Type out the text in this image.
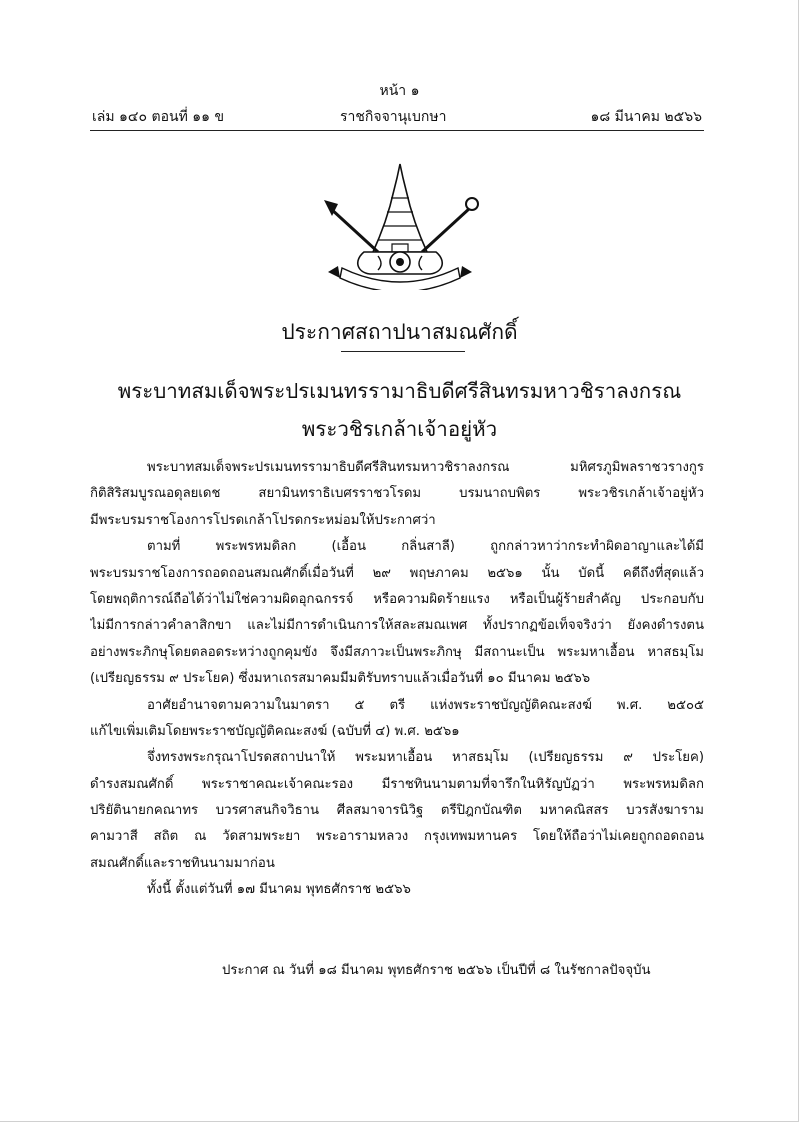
หน้า ๑
เล่ม ๑๔๐ ตอนที่ ๑๑ ข	ราชกิจจานุเบกษา	๑๘ มีนาคม ๒๕๖๖
ประกาศสถาปนาสมณศักดิ์
พระบาทสมเด็จพระปรเมนทรรามาธิบดีศรีสินทรมหาวชิราลงกรณ
พระวชิรเกล้าเจ้าอยู่หัว
พระบาทสมเด็จพระปรเมนทรรามาธิบดีศรีสินทรมหาวชิราลงกรณ มหิศรภูมิพลราชวรางกูร
กิติสิริสมบูรณอดุลยเดช สยามินทราธิเบศรราชวโรดม บรมนาถบพิตร พระวชิรเกล้าเจ้าอยู่หัว
มีพระบรมราชโองการโปรดเกล้าโปรดกระหม่อมให้ประกาศว่า
ตามที่ พระพรหมดิลก (เอื้อน กลิ่นสาลี) ถูกกล่าวหาว่ากระทำผิดอาญาและได้มี
พระบรมราชโองการถอดถอนสมณศักดิ์เมื่อวันที่ ๒๙ พฤษภาคม ๒๕๖๑ นั้น บัดนี้ คดีถึงที่สุดแล้ว
โดยพฤติการณ์ถือได้ว่าไม่ใช่ความผิดอุกฉกรรจ์ หรือความผิดร้ายแรง หรือเป็นผู้ร้ายสำคัญ ประกอบกับ
ไม่มีการกล่าวคำลาสิกขา และไม่มีการดำเนินการให้สละสมณเพศ ทั้งปรากฏข้อเท็จจริงว่า ยังคงดำรงตน
อย่างพระภิกษุโดยตลอดระหว่างถูกคุมขัง จึงมีสภาวะเป็นพระภิกษุ มีสถานะเป็น พระมหาเอื้อน หาสธมฺโม
(เปรียญธรรม ๙ ประโยค) ซึ่งมหาเถรสมาคมมีมติรับทราบแล้วเมื่อวันที่ ๑๐ มีนาคม ๒๕๖๖
อาศัยอำนาจตามความในมาตรา ๕ ตรี แห่งพระราชบัญญัติคณะสงฆ์ พ.ศ. ๒๕๐๕
แก้ไขเพิ่มเติมโดยพระราชบัญญัติคณะสงฆ์ (ฉบับที่ ๔) พ.ศ. ๒๕๖๑
จึ่งทรงพระกรุณาโปรดสถาปนาให้ พระมหาเอื้อน หาสธมฺโม (เปรียญธรรม ๙ ประโยค)
ดำรงสมณศักดิ์ พระราชาคณะเจ้าคณะรอง มีราชทินนามตามที่จารึกในหิรัญบัฏว่า พระพรหมดิลก
ปริยัตินายกคณาทร บวรศาสนกิจวิธาน ศีลสมาจารนิวิฐ ตรีปิฎกบัณฑิต มหาคณิสสร บวรสังฆาราม
คามวาสี สถิต ณ วัดสามพระยา พระอารามหลวง กรุงเทพมหานคร โดยให้ถือว่าไม่เคยถูกถอดถอน
สมณศักดิ์และราชทินนามมาก่อน
ทั้งนี้ ตั้งแต่วันที่ ๑๗ มีนาคม พุทธศักราช ๒๕๖๖
ประกาศ ณ วันที่ ๑๘ มีนาคม พุทธศักราช ๒๕๖๖ เป็นปีที่ ๘ ในรัชกาลปัจจุบัน
